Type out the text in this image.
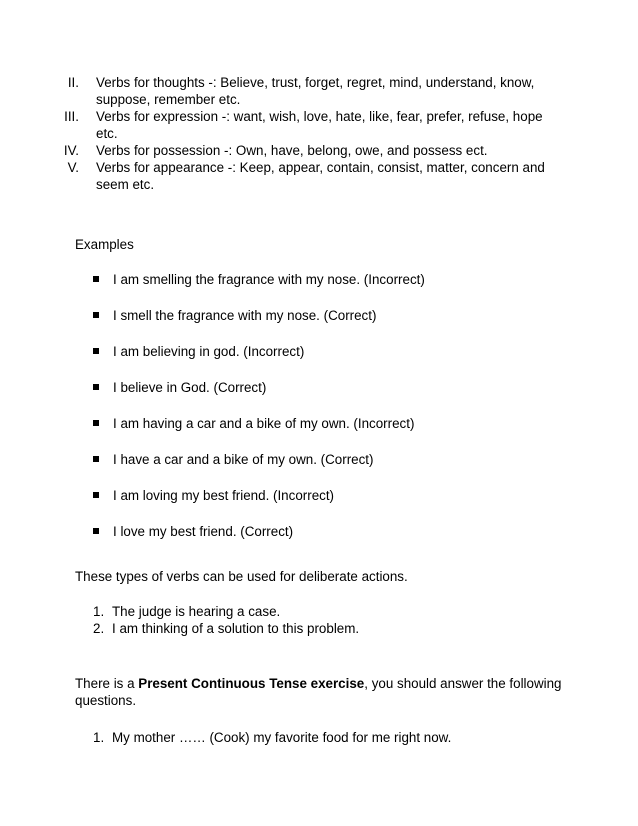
II.	Verbs for thoughts -: Believe, trust, forget, regret, mind, understand, know, suppose, remember etc.
III.	Verbs for expression -: want, wish, love, hate, like, fear, prefer, refuse, hope etc.
IV.	Verbs for possession -: Own, have, belong, owe, and possess ect.
V.	Verbs for appearance -: Keep, appear, contain, consist, matter, concern and seem etc.
Examples
I am smelling the fragrance with my nose. (Incorrect)
I smell the fragrance with my nose. (Correct)
I am believing in god. (Incorrect)
I believe in God. (Correct)
I am having a car and a bike of my own. (Incorrect)
I have a car and a bike of my own. (Correct)
I am loving my best friend. (Incorrect)
I love my best friend. (Correct)
These types of verbs can be used for deliberate actions.
1. The judge is hearing a case.
2. I am thinking of a solution to this problem.
There is a Present Continuous Tense exercise, you should answer the following questions.
1. My mother …… (Cook) my favorite food for me right now.
